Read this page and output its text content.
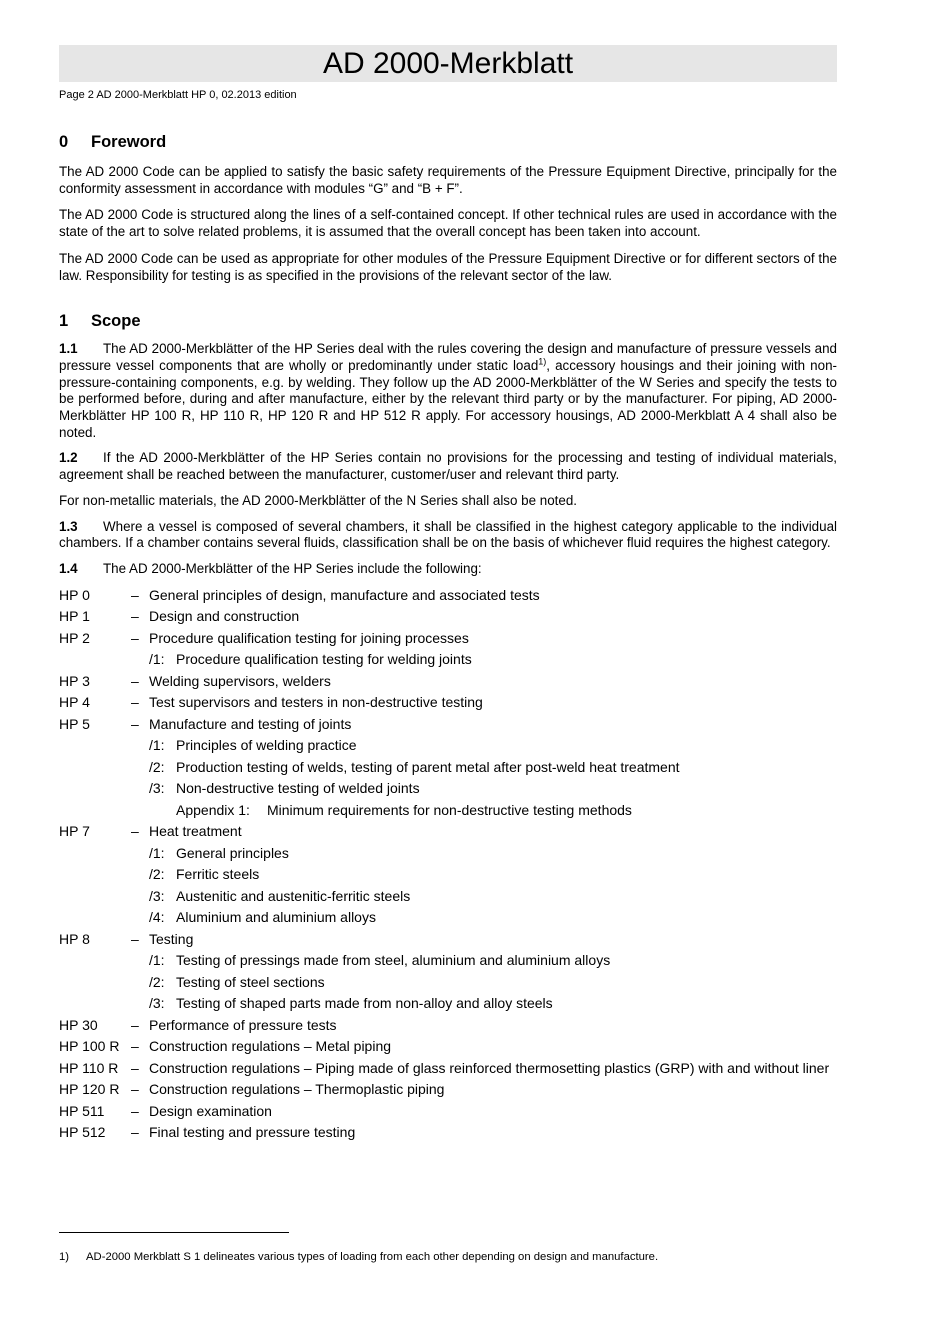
AD 2000-Merkblatt
Page 2 AD 2000-Merkblatt HP 0, 02.2013 edition
0 Foreword

The AD 2000 Code can be applied to satisfy the basic safety requirements of the Pressure Equipment Directive, principally for the conformity assessment in accordance with modules “G” and “B + F”.

The AD 2000 Code is structured along the lines of a self-contained concept. If other technical rules are used in accordance with the state of the art to solve related problems, it is assumed that the overall concept has been taken into account.

The AD 2000 Code can be used as appropriate for other modules of the Pressure Equipment Directive or for different sectors of the law. Responsibility for testing is as specified in the provisions of the relevant sector of the law.

1 Scope

1.1 The AD 2000-Merkblätter of the HP Series deal with the rules covering the design and manufacture of pressure vessels and pressure vessel components that are wholly or predominantly under static load$^{1)}$, accessory housings and their joining with non-pressure-containing components, e.g. by welding. They follow up the AD 2000-Merkblätter of the W Series and specify the tests to be performed before, during and after manufacture, either by the relevant third party or by the manufacturer. For piping, AD 2000-Merkblätter HP 100 R, HP 110 R, HP 120 R and HP 512 R apply. For accessory housings, AD 2000-Merkblatt A 4 shall also be noted.

1.2 If the AD 2000-Merkblätter of the HP Series contain no provisions for the processing and testing of individual materials, agreement shall be reached between the manufacturer, customer/user and relevant third party.

For non-metallic materials, the AD 2000-Merkblätter of the N Series shall also be noted.

1.3 Where a vessel is composed of several chambers, it shall be classified in the highest category applicable to the individual chambers. If a chamber contains several fluids, classification shall be on the basis of whichever fluid requires the highest category.

1.4 The AD 2000-Merkblätter of the HP Series include the following:

HP 0	– General principles of design, manufacture and associated tests
HP 1	– Design and construction
HP 2	– Procedure qualification testing for joining processes
/1: Procedure qualification testing for welding joints
HP 3	– Welding supervisors, welders
HP 4	– Test supervisors and testers in non-destructive testing
HP 5	– Manufacture and testing of joints
/1: Principles of welding practice
/2: Production testing of welds, testing of parent metal after post-weld heat treatment
/3: Non-destructive testing of welded joints
Appendix 1: Minimum requirements for non-destructive testing methods
HP 7	– Heat treatment
/1: General principles
/2: Ferritic steels
/3: Austenitic and austenitic-ferritic steels
/4: Aluminium and aluminium alloys
HP 8	– Testing
/1: Testing of pressings made from steel, aluminium and aluminium alloys
/2: Testing of steel sections
/3: Testing of shaped parts made from non-alloy and alloy steels
HP 30 – Performance of pressure tests
HP 100 R – Construction regulations – Metal piping
HP 110 R – Construction regulations – Piping made of glass reinforced thermosetting plastics (GRP) with and without liner
HP 120 R – Construction regulations – Thermoplastic piping
HP 511 – Design examination
HP 512 – Final testing and pressure testing
1) AD-2000 Merkblatt S 1 delineates various types of loading from each other depending on design and manufacture.
